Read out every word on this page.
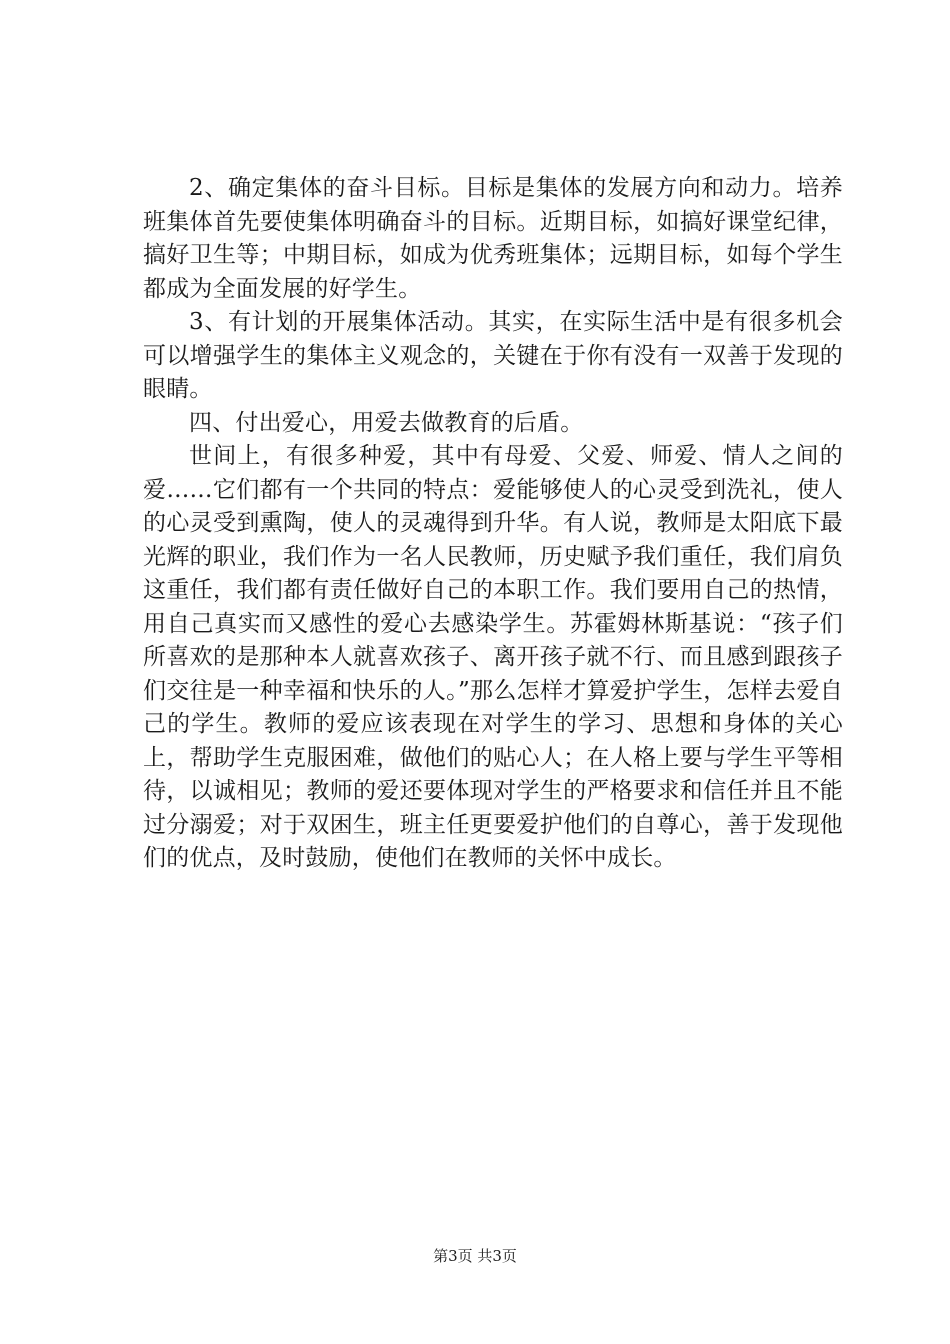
2、确定集体的奋斗目标。目标是集体的发展方向和动力。培养班集体首先要使集体明确奋斗的目标。近期目标，如搞好课堂纪律，搞好卫生等；中期目标，如成为优秀班集体；远期目标，如每个学生都成为全面发展的好学生。

3、有计划的开展集体活动。其实，在实际生活中是有很多机会可以增强学生的集体主义观念的，关键在于你有没有一双善于发现的眼睛。

四、付出爱心，用爱去做教育的后盾。

世间上，有很多种爱，其中有母爱、父爱、师爱、情人之间的爱……它们都有一个共同的特点：爱能够使人的心灵受到洗礼，使人的心灵受到熏陶，使人的灵魂得到升华。有人说，教师是太阳底下最光辉的职业，我们作为一名人民教师，历史赋予我们重任，我们肩负这重任，我们都有责任做好自己的本职工作。我们要用自己的热情，用自己真实而又感性的爱心去感染学生。苏霍姆林斯基说：“孩子们所喜欢的是那种本人就喜欢孩子、离开孩子就不行、而且感到跟孩子们交往是一种幸福和快乐的人。”那么怎样才算爱护学生，怎样去爱自己的学生。教师的爱应该表现在对学生的学习、思想和身体的关心上，帮助学生克服困难，做他们的贴心人；在人格上要与学生平等相待，以诚相见；教师的爱还要体现对学生的严格要求和信任并且不能过分溺爱；对于双困生，班主任更要爱护他们的自尊心，善于发现他们的优点，及时鼓励，使他们在教师的关怀中成长。

第3页 共3页
